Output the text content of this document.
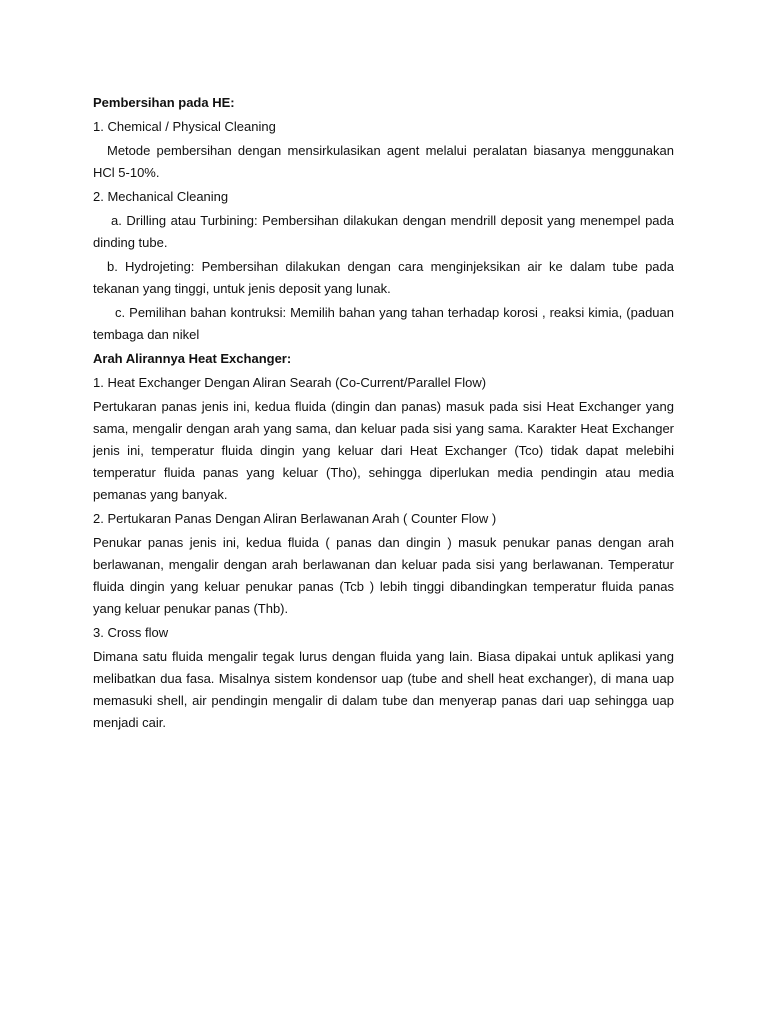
Pembersihan pada HE:

1. Chemical / Physical Cleaning

Metode pembersihan dengan mensirkulasikan agent melalui peralatan biasanya menggunakan HCl 5-10%.

2. Mechanical Cleaning

a. Drilling atau Turbining: Pembersihan dilakukan dengan mendrill deposit yang menempel pada dinding tube.

b. Hydrojeting: Pembersihan dilakukan dengan cara menginjeksikan air ke dalam tube pada tekanan yang tinggi, untuk jenis deposit yang lunak.

c. Pemilihan bahan kontruksi: Memilih bahan yang tahan terhadap korosi , reaksi kimia, (paduan tembaga dan nikel

Arah Alirannya Heat Exchanger:

1. Heat Exchanger Dengan Aliran Searah (Co-Current/Parallel Flow)

Pertukaran panas jenis ini, kedua fluida (dingin dan panas) masuk pada sisi Heat Exchanger yang sama, mengalir dengan arah yang sama, dan keluar pada sisi yang sama. Karakter Heat Exchanger jenis ini, temperatur fluida dingin yang keluar dari Heat Exchanger (Tco) tidak dapat melebihi temperatur fluida panas yang keluar (Tho), sehingga diperlukan media pendingin atau media pemanas yang banyak.

2. Pertukaran Panas Dengan Aliran Berlawanan Arah ( Counter Flow )

Penukar panas jenis ini, kedua fluida ( panas dan dingin ) masuk penukar panas dengan arah berlawanan, mengalir dengan arah berlawanan dan keluar pada sisi yang berlawanan. Temperatur fluida dingin yang keluar penukar panas (Tcb ) lebih tinggi dibandingkan temperatur fluida panas yang keluar penukar panas (Thb).

3. Cross flow

Dimana satu fluida mengalir tegak lurus dengan fluida yang lain. Biasa dipakai untuk aplikasi yang melibatkan dua fasa. Misalnya sistem kondensor uap (tube and shell heat exchanger), di mana uap memasuki shell, air pendingin mengalir di dalam tube dan menyerap panas dari uap sehingga uap menjadi cair.
